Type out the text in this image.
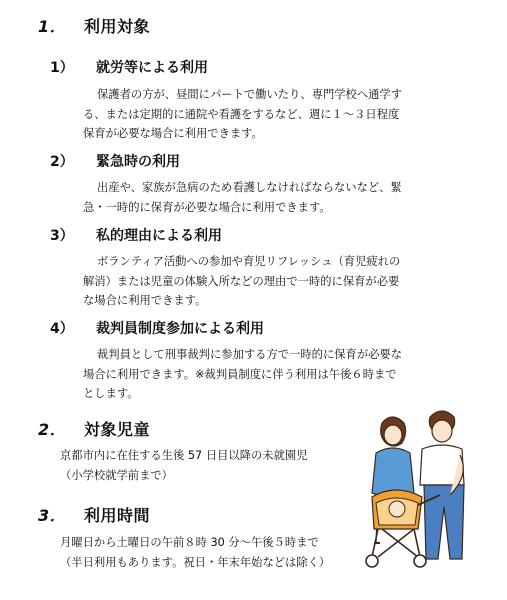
1． 利用対象
1） 就労等による利用
保護者の方が、昼間にパートで働いたり、専門学校へ通学す
る、または定期的に通院や看護をするなど、週に１～３日程度
保育が必要な場合に利用できます。
2） 緊急時の利用
出産や、家族が急病のため看護しなければならないなど、緊
急・一時的に保育が必要な場合に利用できます。
3） 私的理由による利用
ボランティア活動への参加や育児リフレッシュ（育児疲れの
解消）または児童の体験入所などの理由で一時的に保育が必要
な場合に利用できます。
4） 裁判員制度参加による利用
裁判員として刑事裁判に参加する方で一時的に保育が必要な
場合に利用できます。※裁判員制度に伴う利用は午後６時まで
とします。
2． 対象児童
京都市内に在住する生後 57 日目以降の未就園児
（小学校就学前まで）
3． 利用時間
月曜日から土曜日の午前８時 30 分～午後５時まで
（半日利用もあります。祝日・年末年始などは除く）
